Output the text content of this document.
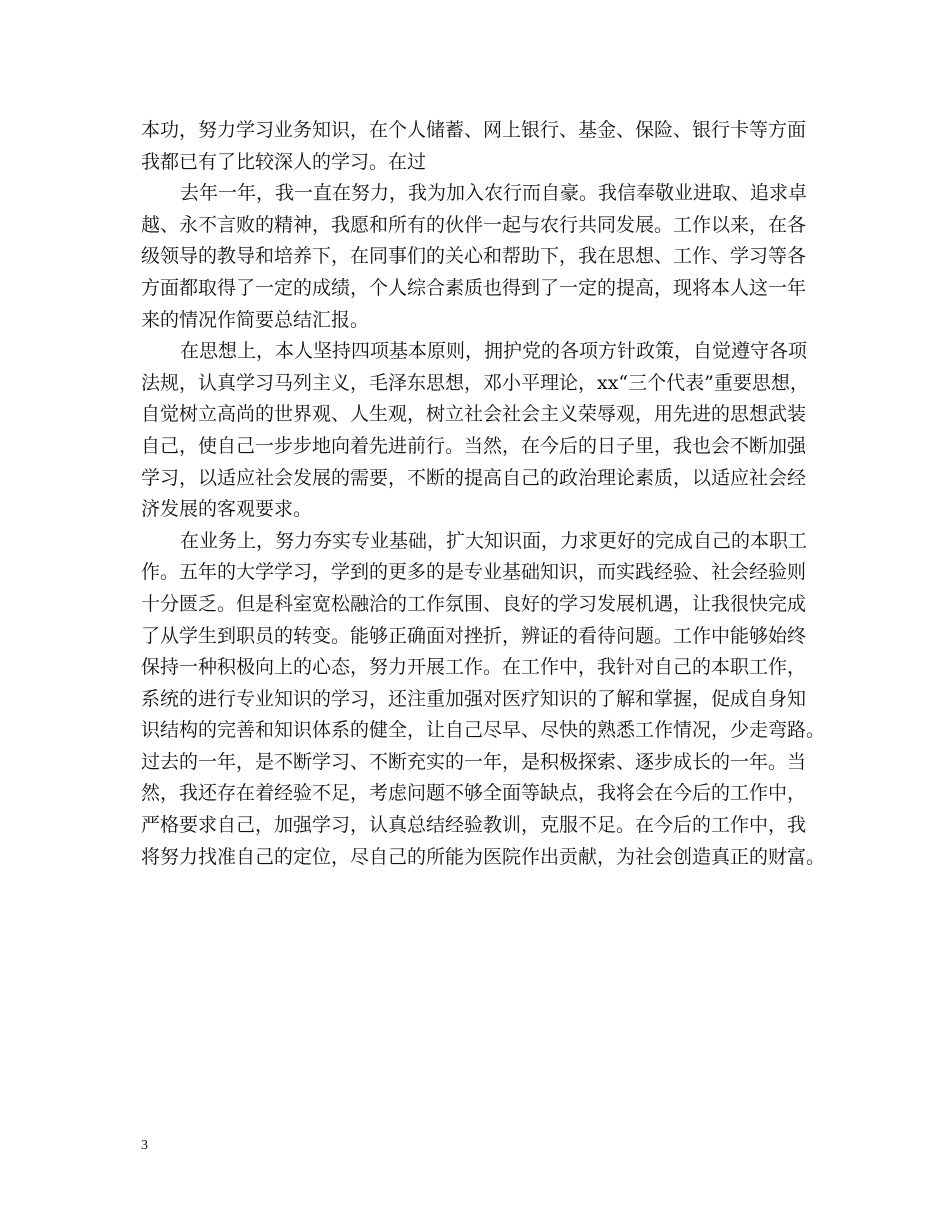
本功，努力学习业务知识，在个人储蓄、网上银行、基金、保险、银行卡等方面
我都已有了比较深人的学习。在过
去年一年，我一直在努力，我为加入农行而自豪。我信奉敬业进取、追求卓
越、永不言败的精神，我愿和所有的伙伴一起与农行共同发展。工作以来，在各
级领导的教导和培养下，在同事们的关心和帮助下，我在思想、工作、学习等各
方面都取得了一定的成绩，个人综合素质也得到了一定的提高，现将本人这一年
来的情况作简要总结汇报。
在思想上，本人坚持四项基本原则，拥护党的各项方针政策，自觉遵守各项
法规，认真学习马列主义，毛泽东思想，邓小平理论，xx“三个代表”重要思想，
自觉树立高尚的世界观、人生观，树立社会社会主义荣辱观，用先进的思想武装
自己，使自己一步步地向着先进前行。当然，在今后的日子里，我也会不断加强
学习，以适应社会发展的需要，不断的提高自己的政治理论素质，以适应社会经
济发展的客观要求。
在业务上，努力夯实专业基础，扩大知识面，力求更好的完成自己的本职工
作。五年的大学学习，学到的更多的是专业基础知识，而实践经验、社会经验则
十分匮乏。但是科室宽松融洽的工作氛围、良好的学习发展机遇，让我很快完成
了从学生到职员的转变。能够正确面对挫折，辨证的看待问题。工作中能够始终
保持一种积极向上的心态，努力开展工作。在工作中，我针对自己的本职工作，
系统的进行专业知识的学习，还注重加强对医疗知识的了解和掌握，促成自身知
识结构的完善和知识体系的健全，让自己尽早、尽快的熟悉工作情况，少走弯路。
过去的一年，是不断学习、不断充实的一年，是积极探索、逐步成长的一年。当
然，我还存在着经验不足，考虑问题不够全面等缺点，我将会在今后的工作中，
严格要求自己，加强学习，认真总结经验教训，克服不足。在今后的工作中，我
将努力找准自己的定位，尽自己的所能为医院作出贡献，为社会创造真正的财富。
3
